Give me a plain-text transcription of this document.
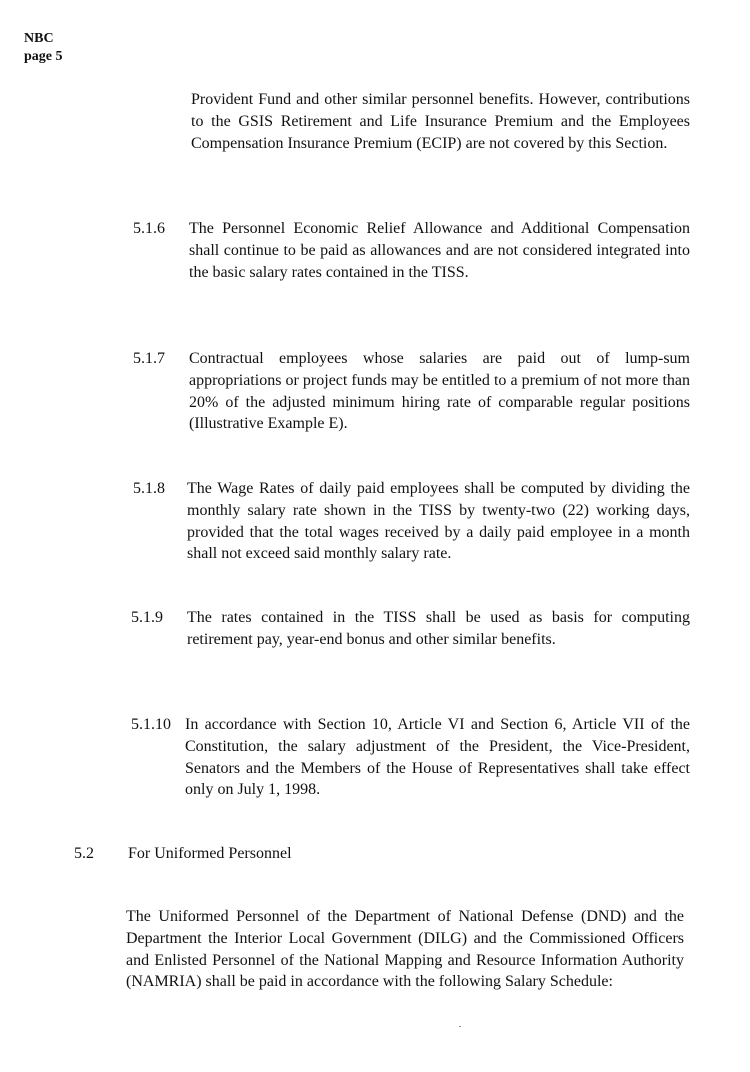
NBC
page 5
Provident Fund and other similar personnel benefits. However, contributions to the GSIS Retirement and Life Insurance Premium and the Employees Compensation Insurance Premium (ECIP) are not covered by this Section.
5.1.6 The Personnel Economic Relief Allowance and Additional Compensation shall continue to be paid as allowances and are not considered integrated into the basic salary rates contained in the TISS.
5.1.7 Contractual employees whose salaries are paid out of lump-sum appropriations or project funds may be entitled to a premium of not more than 20% of the adjusted minimum hiring rate of comparable regular positions (Illustrative Example E).
5.1.8 The Wage Rates of daily paid employees shall be computed by dividing the monthly salary rate shown in the TISS by twenty-two (22) working days, provided that the total wages received by a daily paid employee in a month shall not exceed said monthly salary rate.
5.1.9 The rates contained in the TISS shall be used as basis for computing retirement pay, year-end bonus and other similar benefits.
5.1.10 In accordance with Section 10, Article VI and Section 6, Article VII of the Constitution, the salary adjustment of the President, the Vice-President, Senators and the Members of the House of Representatives shall take effect only on July 1, 1998.
5.2 For Uniformed Personnel
The Uniformed Personnel of the Department of National Defense (DND) and the Department the Interior Local Government (DILG) and the Commissioned Officers and Enlisted Personnel of the National Mapping and Resource Information Authority (NAMRIA) shall be paid in accordance with the following Salary Schedule:
